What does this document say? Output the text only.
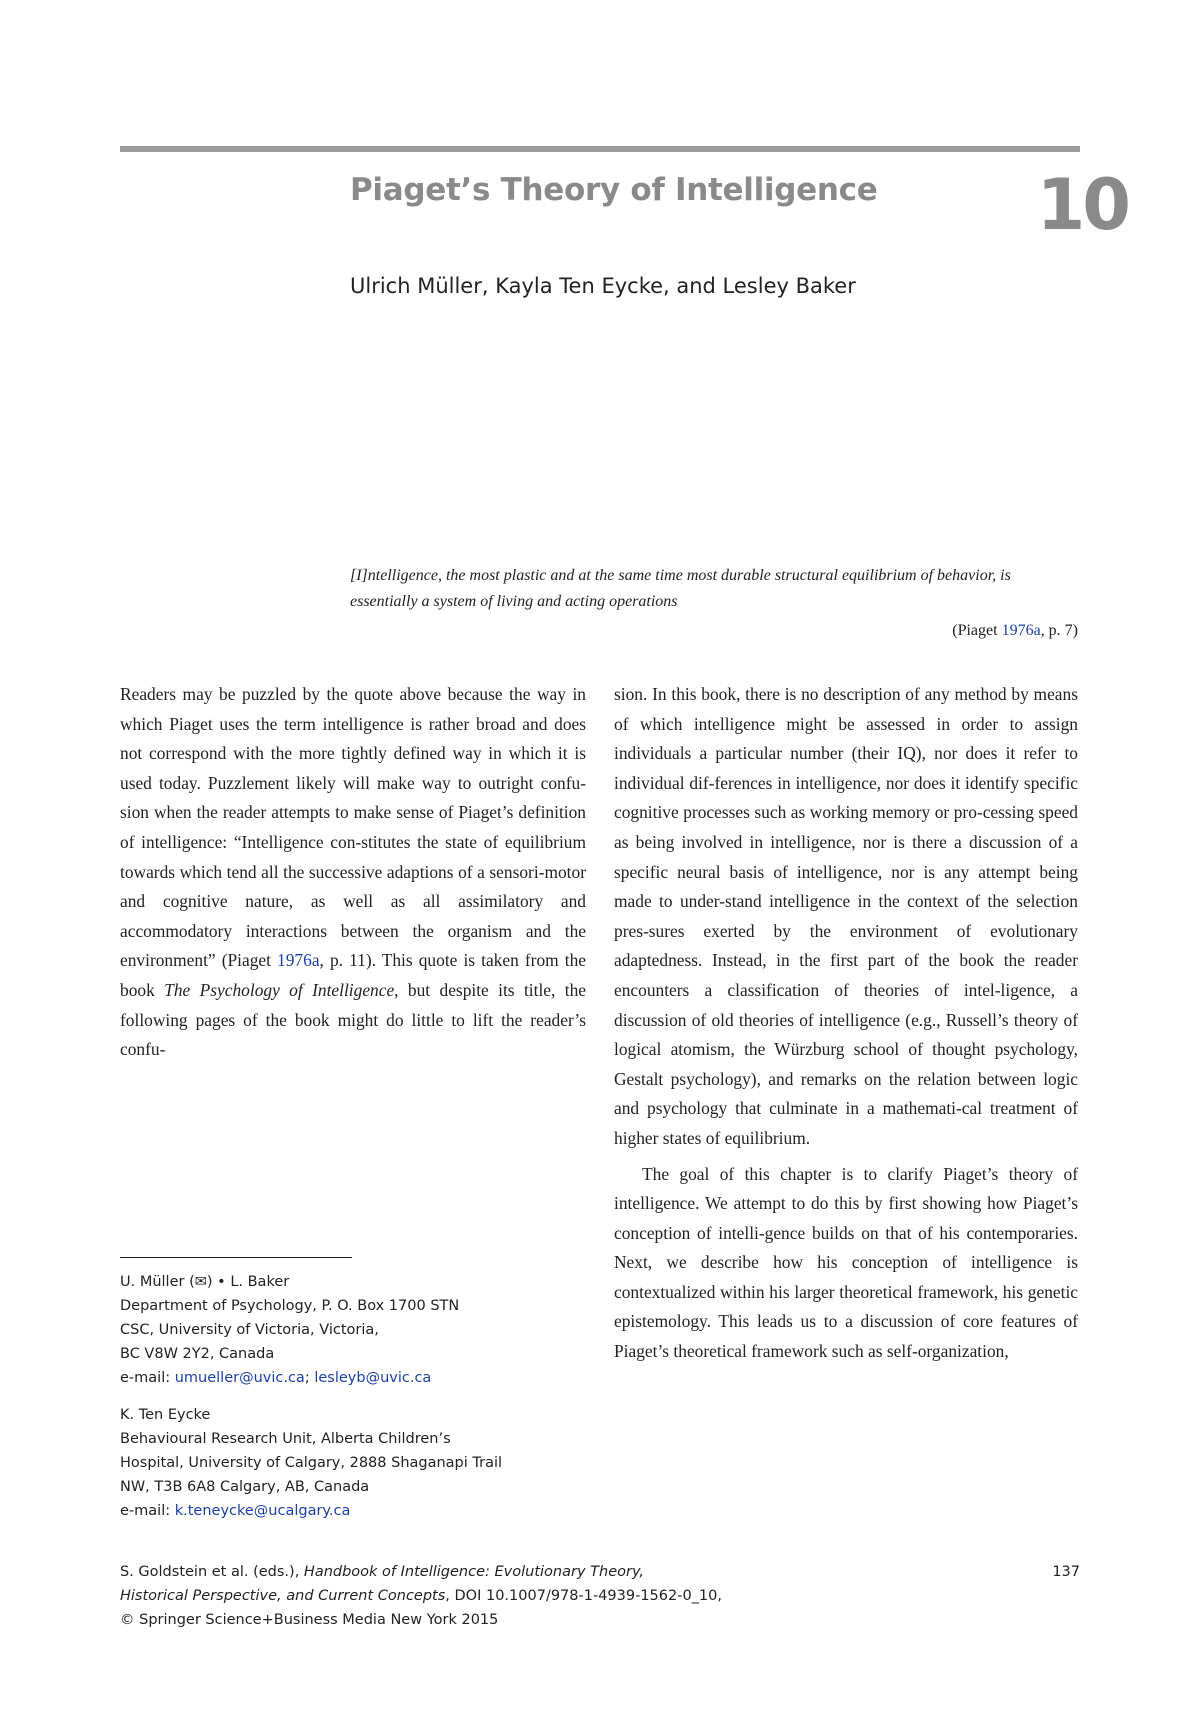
Piaget’s Theory of Intelligence 10
Ulrich Müller, Kayla Ten Eycke, and Lesley Baker
[I]ntelligence, the most plastic and at the same time most durable structural equilibrium of behavior, is essentially a system of living and acting operations
(Piaget 1976a, p. 7)

Readers may be puzzled by the quote above because the way in which Piaget uses the term intelligence is rather broad and does not correspond with the more tightly defined way in which it is used today. Puzzlement likely will make way to outright confu-sion when the reader attempts to make sense of Piaget’s definition of intelligence: “Intelligence con-stitutes the state of equilibrium towards which tend all the successive adaptions of a sensori-motor and cognitive nature, as well as all assimilatory and accommodatory interactions between the organism and the environment” (Piaget 1976a, p. 11). This quote is taken from the book The Psychology of Intelligence, but despite its title, the following pages of the book might do little to lift the reader’s confu-

sion. In this book, there is no description of any method by means of which intelligence might be assessed in order to assign individuals a particular number (their IQ), nor does it refer to individual dif-ferences in intelligence, nor does it identify specific cognitive processes such as working memory or pro-cessing speed as being involved in intelligence, nor is there a discussion of a specific neural basis of intelligence, nor is any attempt being made to under-stand intelligence in the context of the selection pres-sures exerted by the environment of evolutionary adaptedness. Instead, in the first part of the book the reader encounters a classification of theories of intel-ligence, a discussion of old theories of intelligence (e.g., Russell’s theory of logical atomism, the Würzburg school of thought psychology, Gestalt psychology), and remarks on the relation between logic and psychology that culminate in a mathemati-cal treatment of higher states of equilibrium.

The goal of this chapter is to clarify Piaget’s theory of intelligence. We attempt to do this by first showing how Piaget’s conception of intelli-gence builds on that of his contemporaries. Next, we describe how his conception of intelligence is contextualized within his larger theoretical framework, his genetic epistemology. This leads us to a discussion of core features of Piaget’s theoretical framework such as self-organization,

U. Müller (✉) • L. Baker
Department of Psychology, P. O. Box 1700 STN
CSC, University of Victoria, Victoria,
BC V8W 2Y2, Canada
e-mail: umueller@uvic.ca; lesleyb@uvic.ca
K. Ten Eycke
Behavioural Research Unit, Alberta Children’s
Hospital, University of Calgary, 2888 Shaganapi Trail
NW, T3B 6A8 Calgary, AB, Canada
e-mail: k.teneycke@ucalgary.ca
S. Goldstein et al. (eds.), Handbook of Intelligence: Evolutionary Theory,
Historical Perspective, and Current Concepts, DOI 10.1007/978-1-4939-1562-0_10,
© Springer Science+Business Media New York 2015
137
